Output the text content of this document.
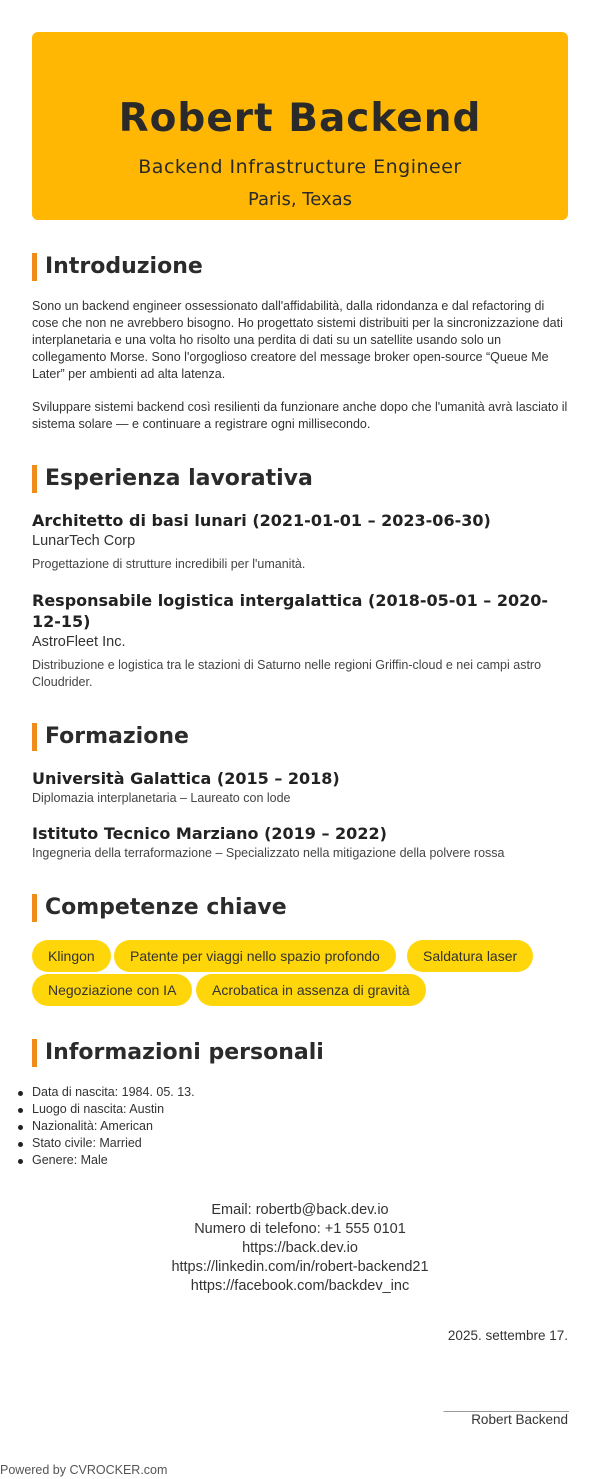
Robert Backend
Backend Infrastructure Engineer
Paris, Texas
Introduzione
Sono un backend engineer ossessionato dall'affidabilità, dalla ridondanza e dal refactoring di cose che non ne avrebbero bisogno. Ho progettato sistemi distribuiti per la sincronizzazione dati interplanetaria e una volta ho risolto una perdita di dati su un satellite usando solo un collegamento Morse. Sono l'orgoglioso creatore del message broker open-source “Queue Me Later” per ambienti ad alta latenza.
Sviluppare sistemi backend così resilienti da funzionare anche dopo che l'umanità avrà lasciato il sistema solare — e continuare a registrare ogni millisecondo.
Esperienza lavorativa
Architetto di basi lunari (2021-01-01 – 2023-06-30)
LunarTech Corp
Progettazione di strutture incredibili per l'umanità.
Responsabile logistica intergalattica (2018-05-01 – 2020-12-15)
AstroFleet Inc.
Distribuzione e logistica tra le stazioni di Saturno nelle regioni Griffin-cloud e nei campi astro Cloudrider.
Formazione
Università Galattica (2015 – 2018)
Diplomazia interplanetaria – Laureato con lode
Istituto Tecnico Marziano (2019 – 2022)
Ingegneria della terraformazione – Specializzato nella mitigazione della polvere rossa
Competenze chiave
Klingon	Patente per viaggi nello spazio profondo	Saldatura laser
Negoziazione con IA	Acrobatica in assenza di gravità
Informazioni personali
Data di nascita: 1984. 05. 13.
Luogo di nascita: Austin
Nazionalità: American
Stato civile: Married
Genere: Male
Email: robertb@back.dev.io
Numero di telefono: +1 555 0101
https://back.dev.io
https://linkedin.com/in/robert-backend21
https://facebook.com/backdev_inc
2025. settembre 17.
____________________
Robert Backend
Powered by CVROCKER.com
